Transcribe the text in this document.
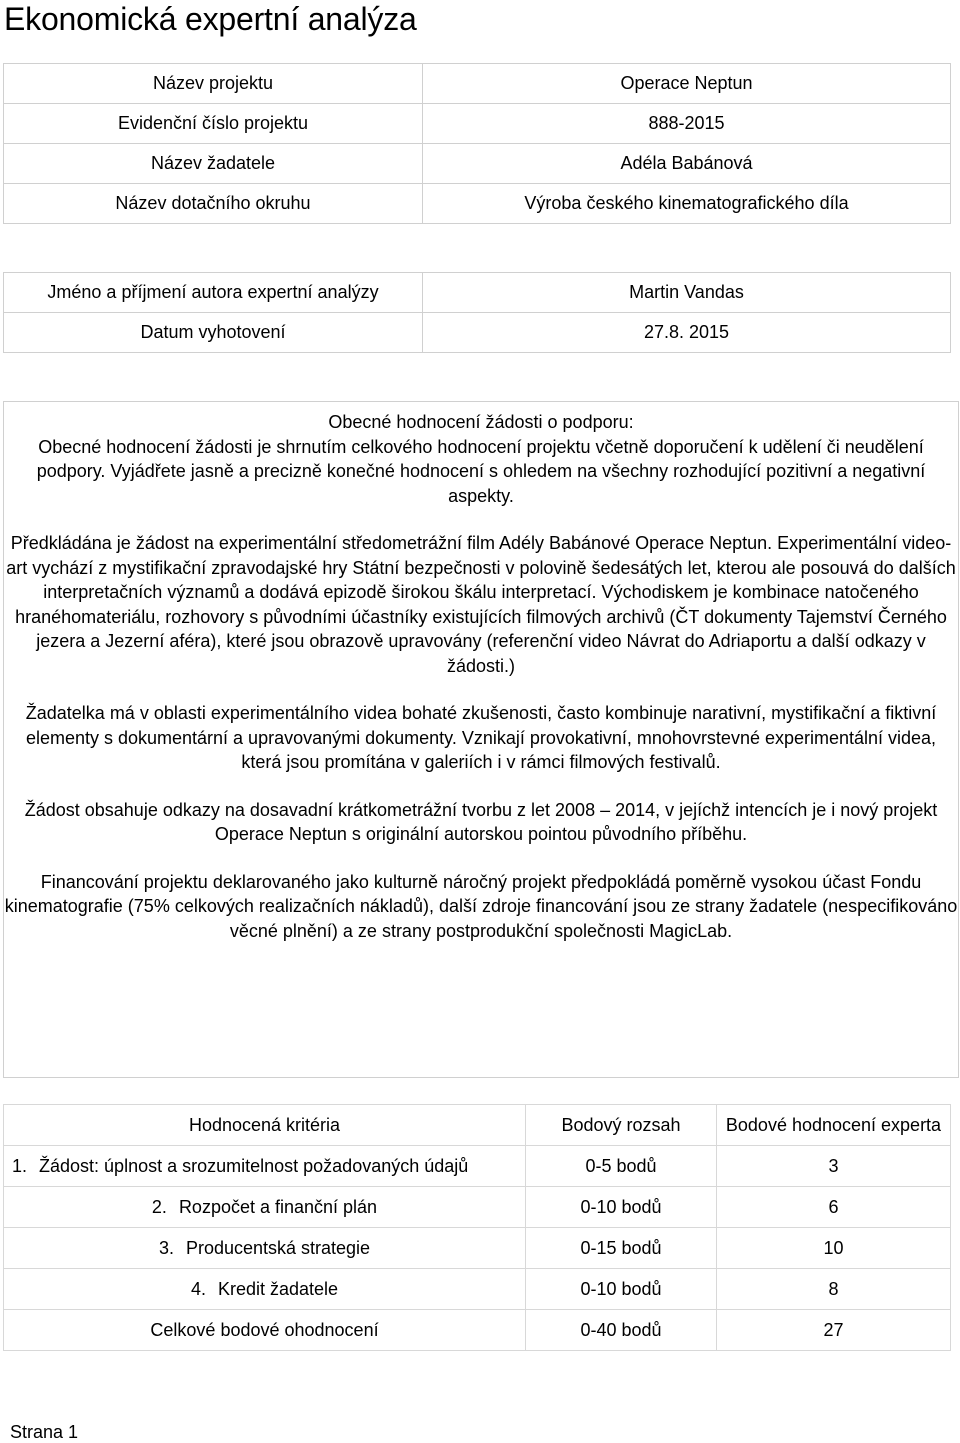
Ekonomická expertní analýza
Název projektu	Operace Neptun
Evidenční číslo projektu	888-2015
Název žadatele	Adéla Babánová
Název dotačního okruhu	Výroba českého kinematografického díla
Jméno a příjmení autora expertní analýzy	Martin Vandas
Datum vyhotovení	27.8. 2015

Obecné hodnocení žádosti o podporu:

Obecné hodnocení žádosti je shrnutím celkového hodnocení projektu včetně doporučení k udělení či neudělení podpory. Vyjádřete jasně a precizně konečné hodnocení s ohledem na všechny rozhodující pozitivní a negativní aspekty.

Předkládána je žádost na experimentální středometrážní film Adély Babánové Operace Neptun. Experimentální video-art vychází z mystifikační zpravodajské hry Státní bezpečnosti v polovině šedesátých let, kterou ale posouvá do dalších interpretačních významů a dodává epizodě širokou škálu interpretací. Východiskem je kombinace natočeného hranéhomateriálu, rozhovory s původními účastníky existujících filmových archivů (ČT dokumenty Tajemství Černého jezera a Jezerní aféra), které jsou obrazově upravovány (referenční video Návrat do Adriaportu a další odkazy v žádosti.)

Žadatelka má v oblasti experimentálního videa bohaté zkušenosti, často kombinuje narativní, mystifikační a fiktivní elementy s dokumentární a upravovanými dokumenty. Vznikají provokativní, mnohovrstevné experimentální videa, která jsou promítána v galeriích i v rámci filmových festivalů.

Žádost obsahuje odkazy na dosavadní krátkometrážní tvorbu z let 2008 – 2014, v jejíchž intencích je i nový projekt Operace Neptun s originální autorskou pointou původního příběhu.

Financování projektu deklarovaného jako kulturně náročný projekt předpokládá poměrně vysokou účast Fondu kinematografie (75% celkových realizačních nákladů), další zdroje financování jsou ze strany žadatele (nespecifikováno věcné plnění) a ze strany postprodukční společnosti MagicLab.

Hodnocená kritéria	Bodový rozsah	Bodové hodnocení experta
1. Žádost: úplnost a srozumitelnost požadovaných údajů	0-5 bodů	3
2. Rozpočet a finanční plán	0-10 bodů	6
3. Producentská strategie	0-15 bodů	10
4. Kredit žadatele	0-10 bodů	8
Celkové bodové ohodnocení	0-40 bodů	27
Strana 1
